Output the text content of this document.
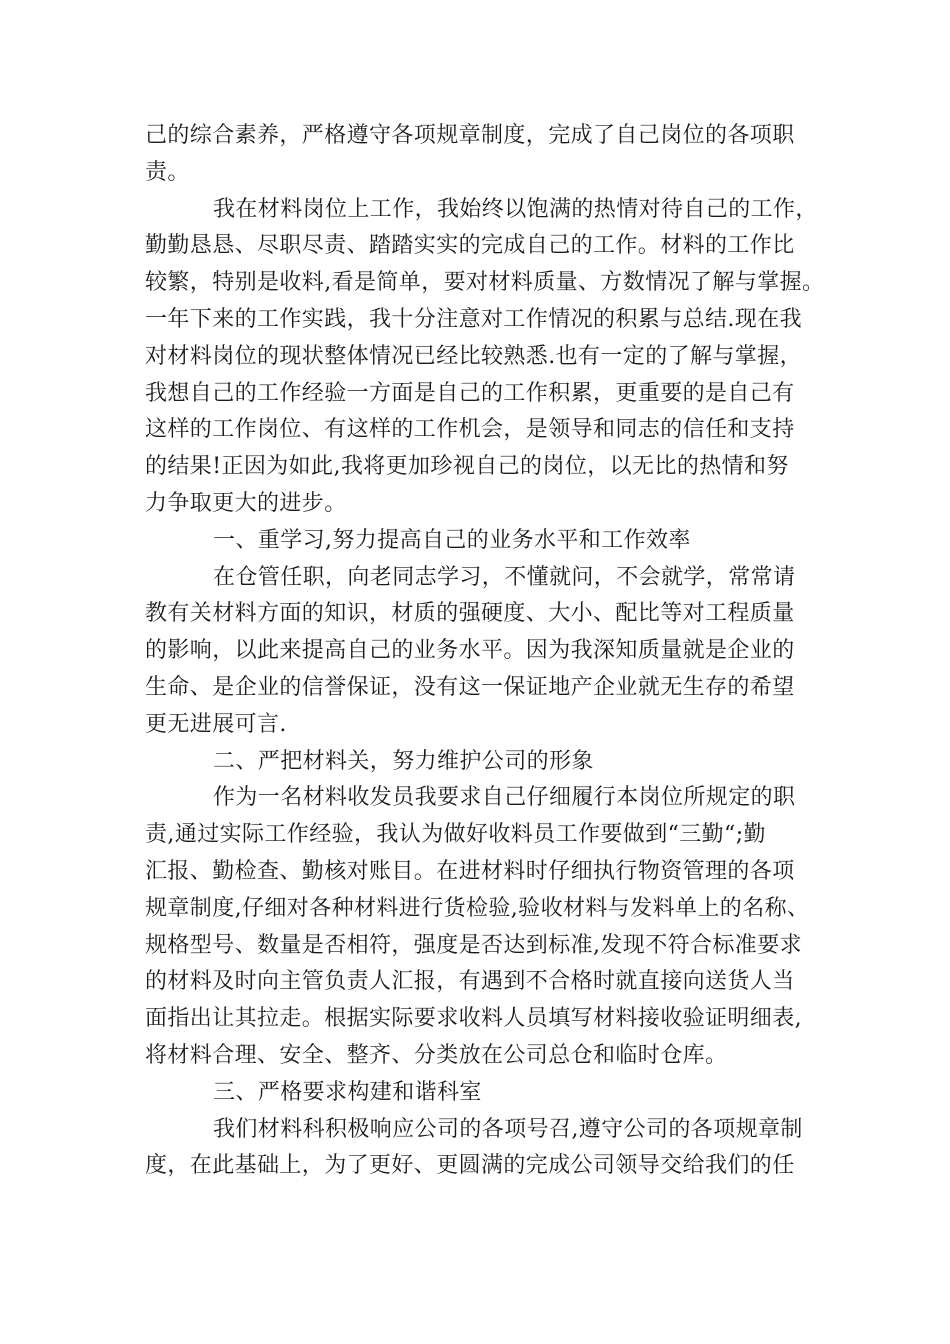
己的综合素养，严格遵守各项规章制度，完成了自己岗位的各项职
责。
我在材料岗位上工作，我始终以饱满的热情对待自己的工作，
勤勤恳恳、尽职尽责、踏踏实实的完成自己的工作。材料的工作比
较繁，特别是收料,看是简单，要对材料质量、方数情况了解与掌握。
一年下来的工作实践，我十分注意对工作情况的积累与总结.现在我
对材料岗位的现状整体情况已经比较熟悉.也有一定的了解与掌握，
我想自己的工作经验一方面是自己的工作积累，更重要的是自己有
这样的工作岗位、有这样的工作机会，是领导和同志的信任和支持
的结果!正因为如此,我将更加珍视自己的岗位，以无比的热情和努
力争取更大的进步。
一、重学习,努力提高自己的业务水平和工作效率
在仓管任职，向老同志学习，不懂就问，不会就学，常常请
教有关材料方面的知识，材质的强硬度、大小、配比等对工程质量
的影响，以此来提高自己的业务水平。因为我深知质量就是企业的
生命、是企业的信誉保证，没有这一保证地产企业就无生存的希望
更无进展可言.
二、严把材料关，努力维护公司的形象
作为一名材料收发员我要求自己仔细履行本岗位所规定的职
责,通过实际工作经验，我认为做好收料员工作要做到“三勤“;勤
汇报、勤检查、勤核对账目。在进材料时仔细执行物资管理的各项
规章制度,仔细对各种材料进行货检验,验收材料与发料单上的名称、
规格型号、数量是否相符，强度是否达到标准,发现不符合标准要求
的材料及时向主管负责人汇报，有遇到不合格时就直接向送货人当
面指出让其拉走。根据实际要求收料人员填写材料接收验证明细表,
将材料合理、安全、整齐、分类放在公司总仓和临时仓库。
三、严格要求构建和谐科室
我们材料科积极响应公司的各项号召,遵守公司的各项规章制
度，在此基础上，为了更好、更圆满的完成公司领导交给我们的任
